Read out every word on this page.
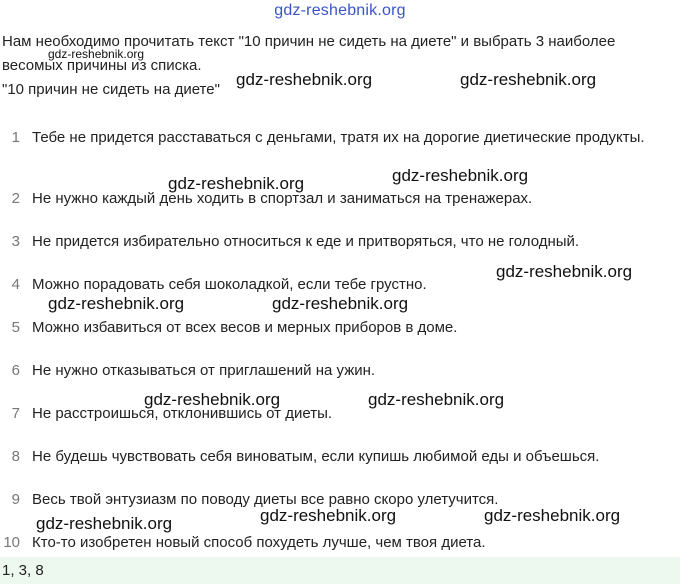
gdz-reshebnik.org

Нам необходимо прочитать текст "10 причин не сидеть на диете" и выбрать 3 наиболее весомых причины из списка.

"10 причин не сидеть на диете"

1 Тебе не придется расставаться с деньгами, тратя их на дорогие диетические продукты.
2 Не нужно каждый день ходить в спортзал и заниматься на тренажерах.
3 Не придется избирательно относиться к еде и притворяться, что не голодный.
4 Можно порадовать себя шоколадкой, если тебе грустно.
5 Можно избавиться от всех весов и мерных приборов в доме.
6 Не нужно отказываться от приглашений на ужин.
7 Не расстроишься, отклонившись от диеты.
8 Не будешь чувствовать себя виноватым, если купишь любимой еды и объешься.
9 Весь твой энтузиазм по поводу диеты все равно скоро улетучится.
10 Кто-то изобретен новый способ похудеть лучше, чем твоя диета.
1, 3, 8
gdz-reshebnik.org
gdz-reshebnik.org	gdz-reshebnik.org
gdz-reshebnik.org	gdz-reshebnik.org
gdz-reshebnik.org
gdz-reshebnik.org	gdz-reshebnik.org
gdz-reshebnik.org	gdz-reshebnik.org
gdz-reshebnik.org	gdz-reshebnik.org
gdz-reshebnik.org
